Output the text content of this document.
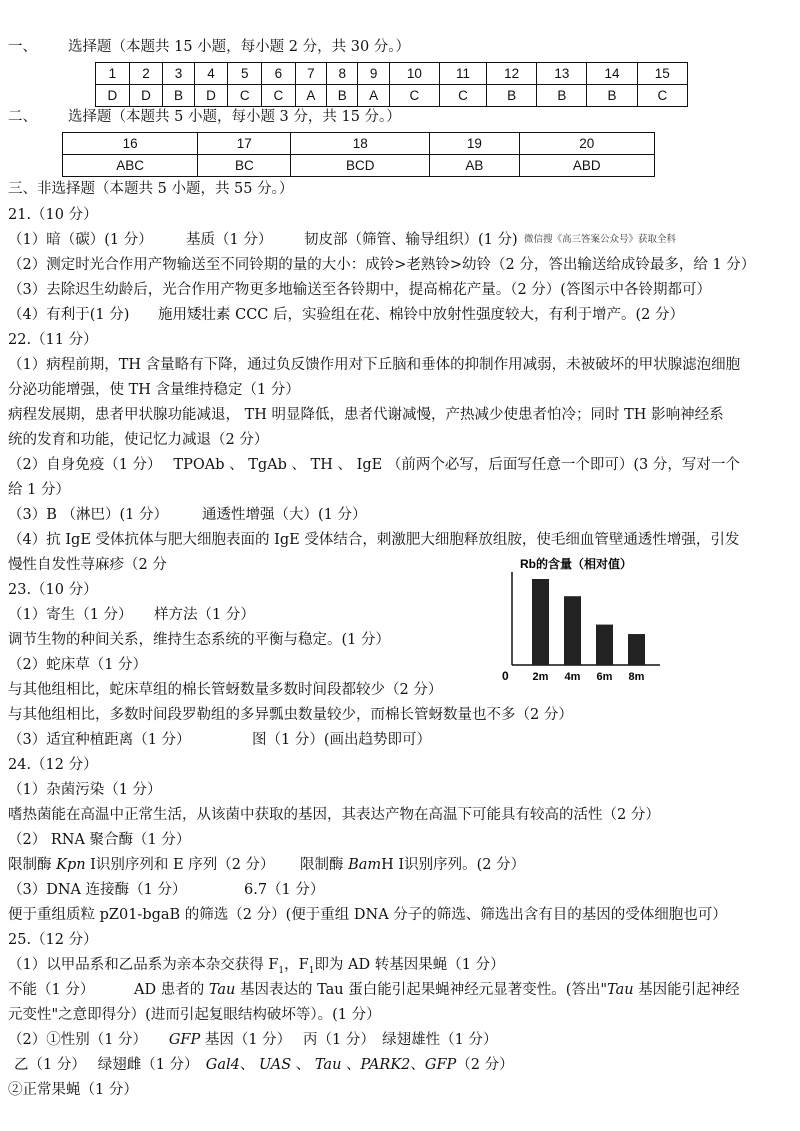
一、 选择题（本题共 15 小题，每小题 2 分，共 30 分。）
1	2	3	4	5	6	7	8	9	10	11	12	13	14	15
D	D	B	D	C	C	A	B	A	C	C	B	B	B	C
二、 选择题（本题共 5 小题，每小题 3 分，共 15 分。）
16	17	18	19	20
ABC	BC	BCD	AB	ABD
三、非选择题（本题共 5 小题，共 55 分。）
21.（10 分）
（1）暗（碳）(1 分） 基质（1 分） 韧皮部（筛管、输导组织）(1 分) 微信搜《高三答案公众号》获取全科
（2）测定时光合作用产物输送至不同铃期的量的大小：成铃>老熟铃>幼铃（2 分，答出输送给成铃最多，给 1 分）
（3）去除迟生幼龄后，光合作用产物更多地输送至各铃期中，提高棉花产量。（2 分）(答图示中各铃期都可）
（4）有利于(1 分) 施用矮壮素 CCC 后，实验组在花、棉铃中放射性强度较大，有利于增产。(2 分）
22.（11 分）
（1）病程前期，TH 含量略有下降，通过负反馈作用对下丘脑和垂体的抑制作用减弱，未被破坏的甲状腺滤泡细胞
分泌功能增强，使 TH 含量维持稳定（1 分）
病程发展期，患者甲状腺功能减退， TH 明显降低，患者代谢减慢，产热减少使患者怕冷；同时 TH 影响神经系
统的发育和功能，使记忆力减退（2 分）
（2）自身免疫（1 分）　 TPOAb 、 TgAb 、 TH 、 IgE （前两个必写，后面写任意一个即可）(3 分，写对一个
给 1 分）
（3）B （淋巴）(1 分） 通透性增强（大）(1 分）
（4）抗 IgE 受体抗体与肥大细胞表面的 IgE 受体结合，刺激肥大细胞释放组胺，使毛细血管壁通透性增强，引发
慢性自发性荨麻疹（2 分
23.（10 分）
（1）寄生（1 分） 样方法（1 分）
调节生物的种间关系，维持生态系统的平衡与稳定。(1 分）
（2）蛇床草（1 分）
与其他组相比，蛇床草组的棉长管蚜数量多数时间段都较少（2 分）
与其他组相比，多数时间段罗勒组的多异瓢虫数量较少，而棉长管蚜数量也不多（2 分）
（3）适宜种植距离（1 分）	图（1 分）(画出趋势即可）
Rb的含量（相对值）
0 2m 4m 6m 8m
24.（12 分）
（1）杂菌污染（1 分）
嗜热菌能在高温中正常生活，从该菌中获取的基因，其表达产物在高温下可能具有较高的活性（2 分）
（2） RNA 聚合酶（1 分）
限制酶 Kpn Ⅰ识别序列和 E 序列（2 分） 限制酶 BamH Ⅰ识别序列。(2 分）
（3）DNA 连接酶（1 分）	6.7（1 分）
便于重组质粒 pZ01-bgaB 的筛选（2 分）(便于重组 DNA 分子的筛选、筛选出含有目的基因的受体细胞也可）
25.（12 分）
（1）以甲品系和乙品系为亲本杂交获得 $F_1$，$F_1$即为 AD 转基因果蝇（1 分）
不能（1 分）	AD 患者的 Tau 基因表达的 Tau 蛋白能引起果蝇神经元显著变性。(答出"Tau 基因能引起神经
元变性"之意即得分）(进而引起复眼结构破坏等）。(1 分）
（2）①性别（1 分）　　 GFP 基因（1 分）　 丙（1 分）　绿翅雄性（1 分）
乙（1 分）　 绿翅雌（1 分）　 Gal4、 UAS 、 Tau 、PARK2、GFP（2 分）
②正常果蝇（1 分）
